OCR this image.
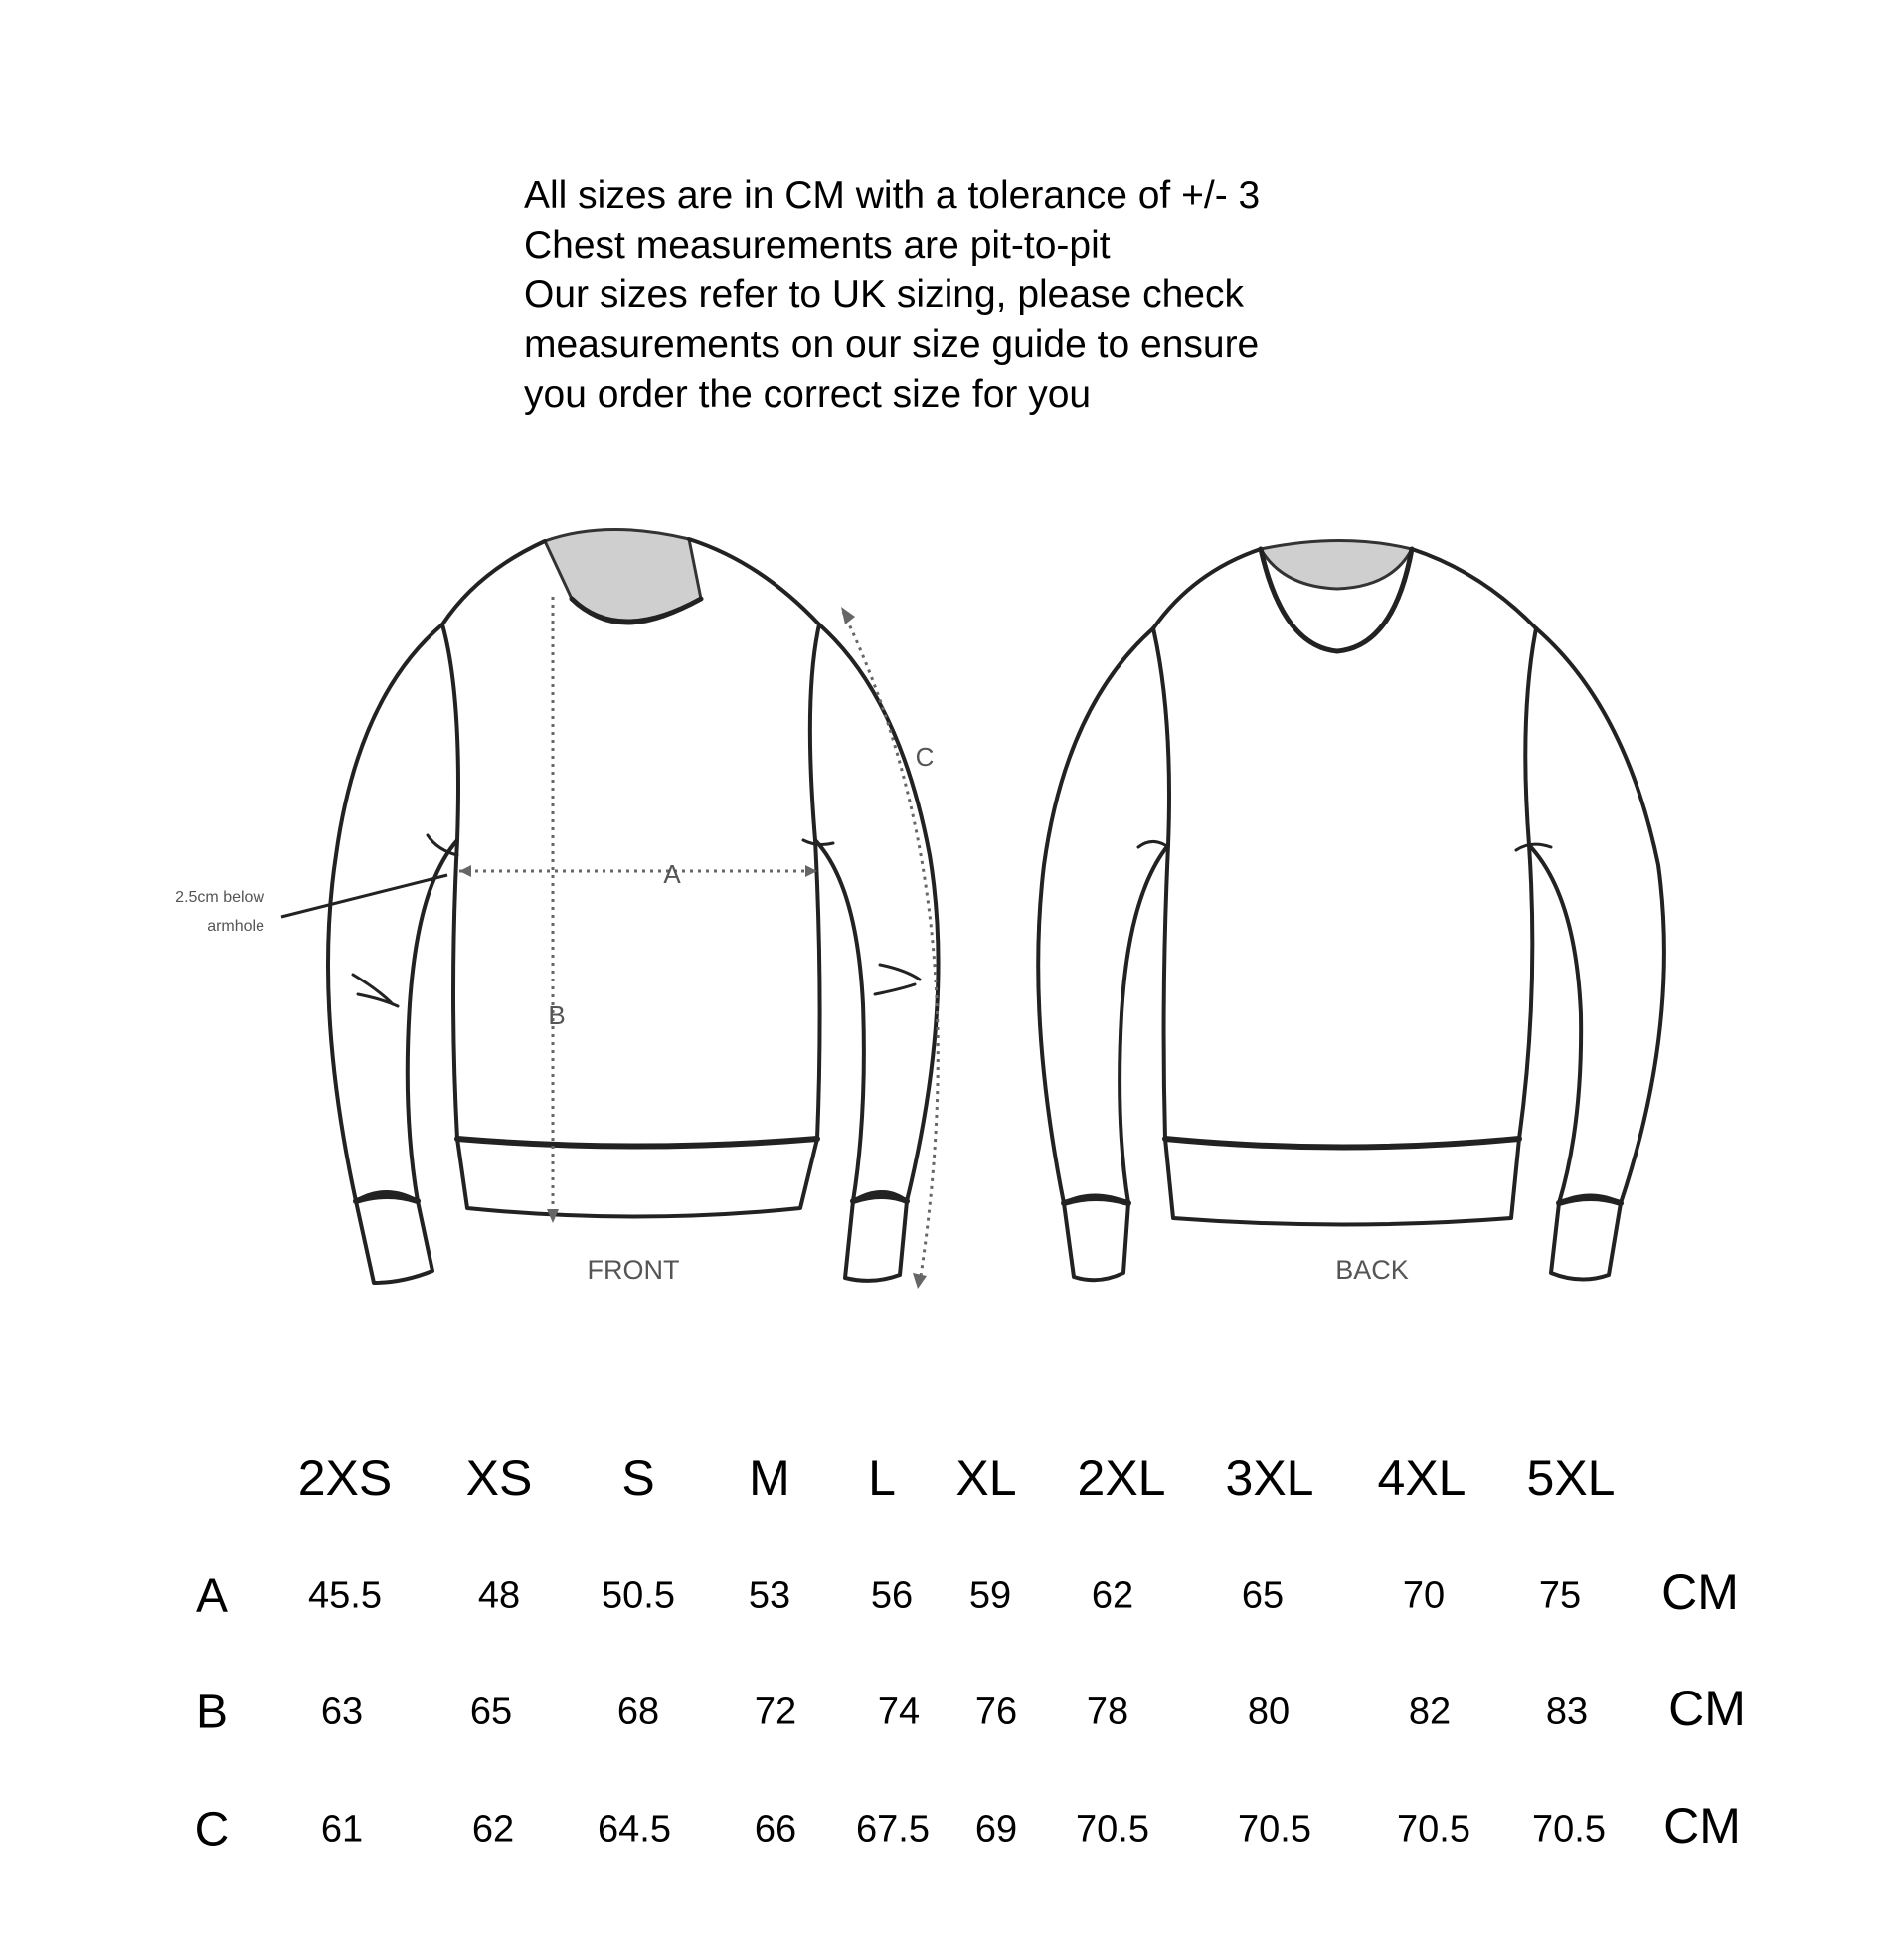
All sizes are in CM with a tolerance of +/- 3
Chest measurements are pit-to-pit
Our sizes refer to UK sizing, please check
measurements on our size guide to ensure
you order the correct size for you
A
B
C
2.5cm below
armhole
FRONT	BACK
2XS XS S M L XL 2XL 3XL 4XL 5XL
A 45.5	48 50.5 53 56 59 62	65	70 75 CM
B 63	65	68	72 74 76 78	80	82	83 CM
C 61	62 64.5 66 67.5 69 70.5 70.5 70.5 70.5 CM
